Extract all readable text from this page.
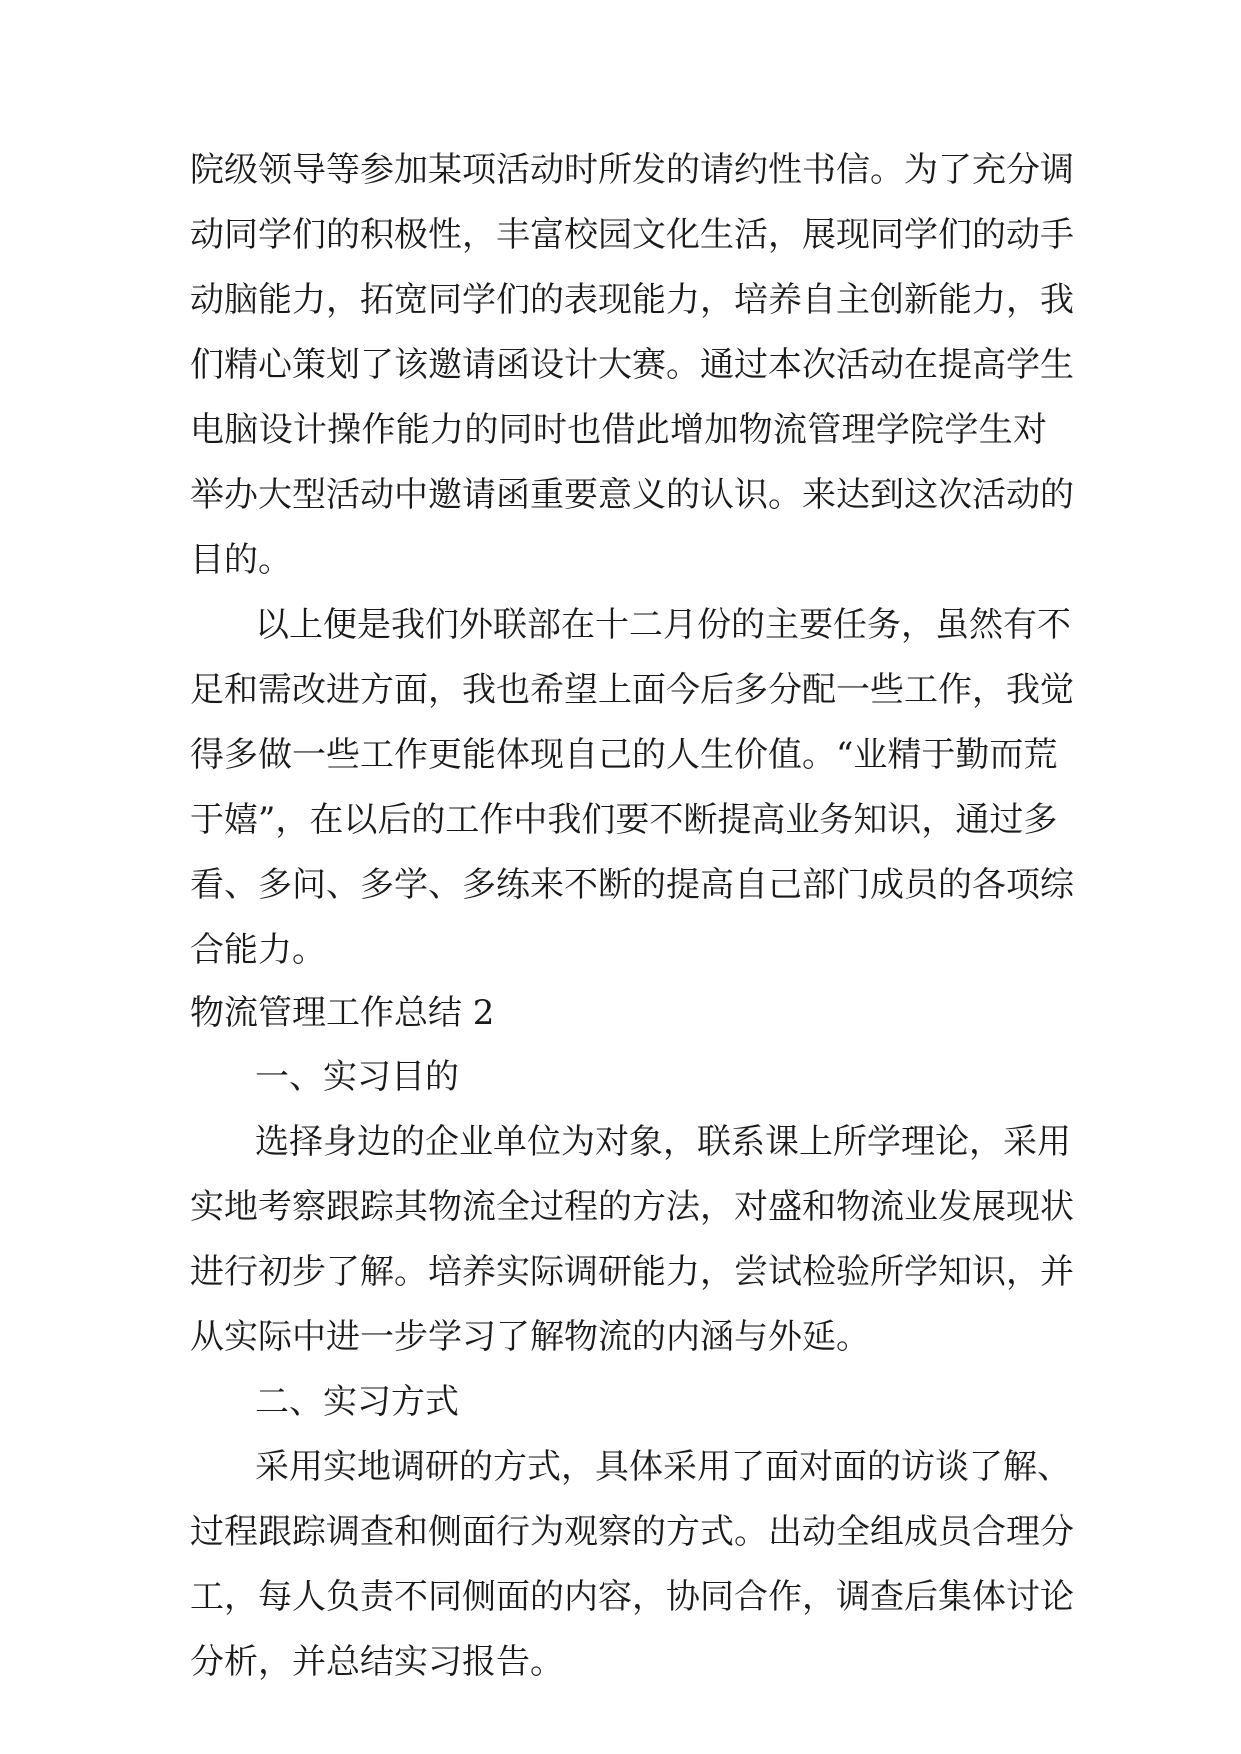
院级领导等参加某项活动时所发的请约性书信。为了充分调
动同学们的积极性，丰富校园文化生活，展现同学们的动手
动脑能力，拓宽同学们的表现能力，培养自主创新能力，我
们精心策划了该邀请函设计大赛。通过本次活动在提高学生
电脑设计操作能力的同时也借此增加物流管理学院学生对
举办大型活动中邀请函重要意义的认识。来达到这次活动的
目的。
以上便是我们外联部在十二月份的主要任务，虽然有不
足和需改进方面，我也希望上面今后多分配一些工作，我觉
得多做一些工作更能体现自己的人生价值。“业精于勤而荒
于嬉”，在以后的工作中我们要不断提高业务知识，通过多
看、多问、多学、多练来不断的提高自己部门成员的各项综
合能力。
物流管理工作总结 2
一、实习目的
选择身边的企业单位为对象，联系课上所学理论，采用
实地考察跟踪其物流全过程的方法，对盛和物流业发展现状
进行初步了解。培养实际调研能力，尝试检验所学知识，并
从实际中进一步学习了解物流的内涵与外延。
二、实习方式
采用实地调研的方式，具体采用了面对面的访谈了解、
过程跟踪调查和侧面行为观察的方式。出动全组成员合理分
工，每人负责不同侧面的内容，协同合作，调查后集体讨论
分析，并总结实习报告。
